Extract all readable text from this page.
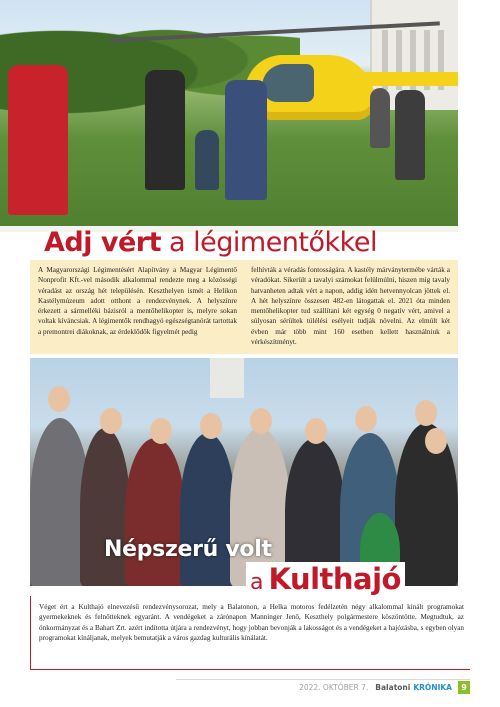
Adj vért a légimentőkkel

A Magyarországi Légimentésért Alapítvány a Magyar Légimentő Nonprofit Kft.-vel második alkalommal rendezte meg a közösségi véradást az ország hét településén. Keszthelyen ismét a Helikon Kastélymúzeum adott otthont a rendezvénynek. A helyszínre érkezett a sármelléki bázisról a mentőhelikopter is, melyre sokan voltak kíváncsiak. A légimentők rendhagyó egészségtanórát tartottak a premontrei diákoknak, az érdeklődők figyelmét pedig

felhívták a véradás fontosságára. A kastély márványtermébe várták a véradókat. Sikerült a tavalyi számokat felülmúlni, hiszen míg tavaly hatvanheten adtak vért a napon, addig idén hetvennyolcan jöttek el. A hét helyszínre összesen 482-en látogattak el. 2021 óta minden mentőhelikopter tud szállítani két egység 0 negatív vért, amivel a súlyosan sérültek túlélési esélyeit tudják növelni. Az elmúlt két évben már több mint 160 esetben kellett használniuk a vérkészítményt.

Népszerű volt
a Kulthajó
Véget ért a Kulthajó elnevezésű rendezvénysorozat, mely a Balatonon, a Helka motoros fedélzetén négy alkalommal kínált programokat gyermekeknek és felnőtteknek egyaránt. A vendégeket a zárónapon Manninger Jenő, Keszthely polgármestere köszöntötte. Megtudtuk, az önkormányzat és a Bahart Zrt. azért indította útjára a rendezvényt, hogy jobban bevonják a lakosságot és a vendégeket a hajózásba, s egyben olyan programokat kínáljanak, melyek bemutatják a város gazdag kulturális kínálatát.
2022. OKTÓBER 7. Balatoni KRÓNIKA	9
